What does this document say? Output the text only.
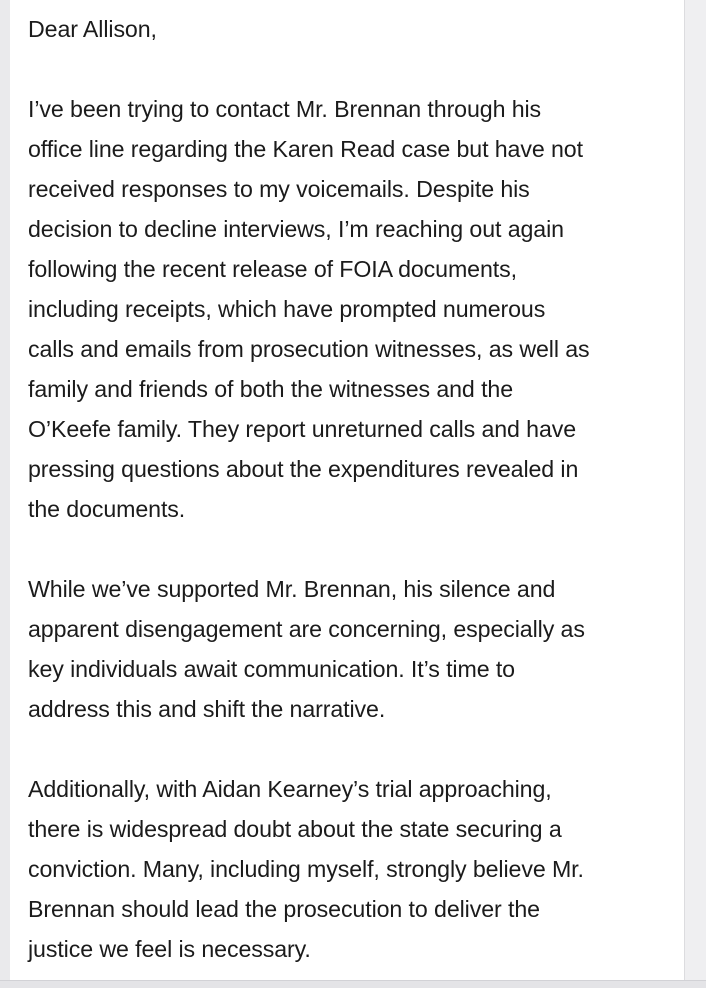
Dear Allison,

I’ve been trying to contact Mr. Brennan through his
office line regarding the Karen Read case but have not
received responses to my voicemails. Despite his
decision to decline interviews, I’m reaching out again
following the recent release of FOIA documents,
including receipts, which have prompted numerous
calls and emails from prosecution witnesses, as well as
family and friends of both the witnesses and the
O’Keefe family. They report unreturned calls and have
pressing questions about the expenditures revealed in
the documents.

While we’ve supported Mr. Brennan, his silence and
apparent disengagement are concerning, especially as
key individuals await communication. It’s time to
address this and shift the narrative.

Additionally, with Aidan Kearney’s trial approaching,
there is widespread doubt about the state securing a
conviction. Many, including myself, strongly believe Mr.
Brennan should lead the prosecution to deliver the
justice we feel is necessary.
